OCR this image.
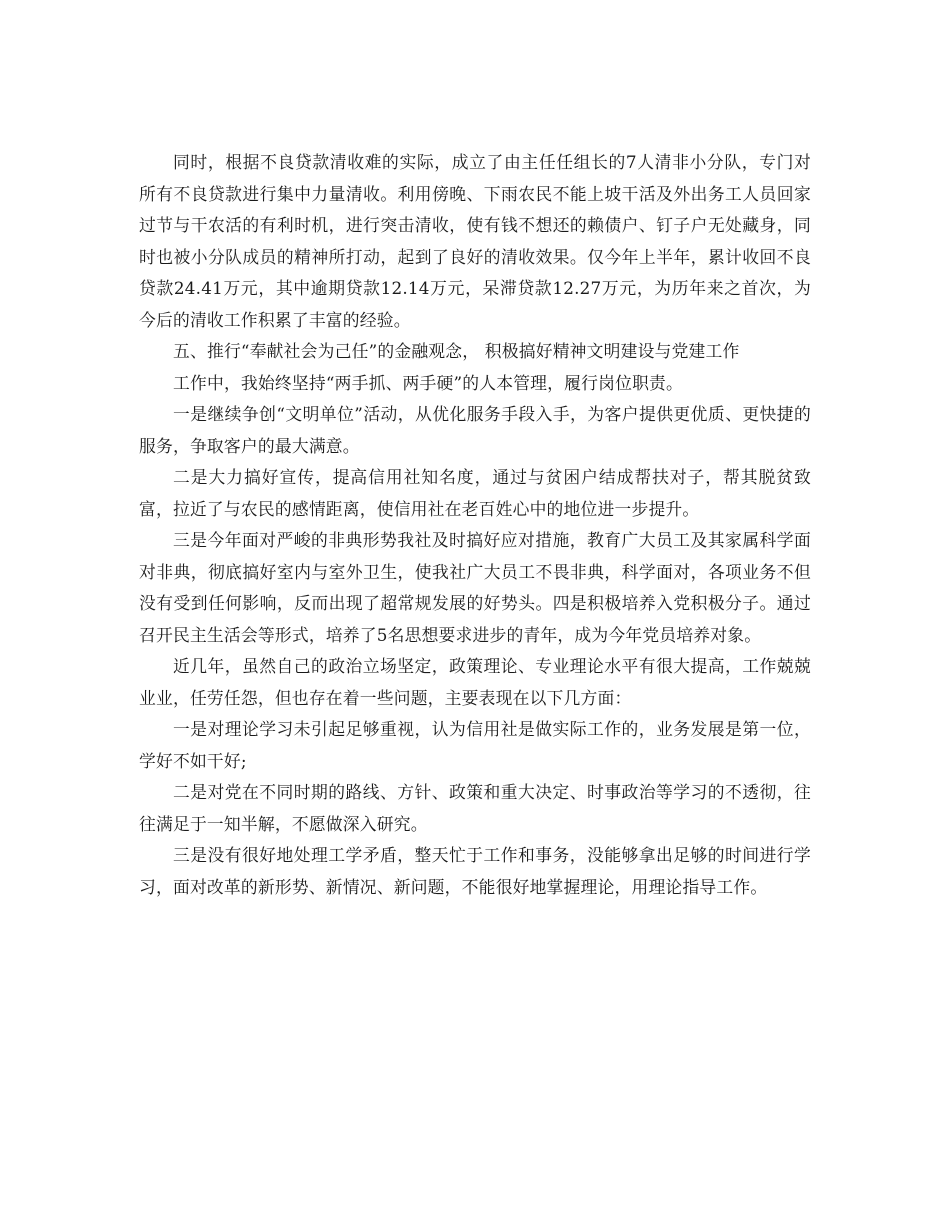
同时，根据不良贷款清收难的实际，成立了由主任任组长的7人清非小分队，专门对所有不良贷款进行集中力量清收。利用傍晚、下雨农民不能上坡干活及外出务工人员回家过节与干农活的有利时机，进行突击清收，使有钱不想还的赖债户、钉子户无处藏身，同时也被小分队成员的精神所打动，起到了良好的清收效果。仅今年上半年，累计收回不良贷款24.41万元，其中逾期贷款12.14万元，呆滞贷款12.27万元，为历年来之首次，为今后的清收工作积累了丰富的经验。

五、推行“奉献社会为己任”的金融观念， 积极搞好精神文明建设与党建工作

工作中，我始终坚持“两手抓、两手硬”的人本管理，履行岗位职责。

一是继续争创“文明单位”活动，从优化服务手段入手，为客户提供更优质、更快捷的服务，争取客户的最大满意。

二是大力搞好宣传，提高信用社知名度，通过与贫困户结成帮扶对子，帮其脱贫致富，拉近了与农民的感情距离，使信用社在老百姓心中的地位进一步提升。

三是今年面对严峻的非典形势我社及时搞好应对措施，教育广大员工及其家属科学面对非典，彻底搞好室内与室外卫生，使我社广大员工不畏非典，科学面对，各项业务不但没有受到任何影响，反而出现了超常规发展的好势头。四是积极培养入党积极分子。通过召开民主生活会等形式，培养了5名思想要求进步的青年，成为今年党员培养对象。

近几年，虽然自己的政治立场坚定，政策理论、专业理论水平有很大提高，工作兢兢业业，任劳任怨，但也存在着一些问题，主要表现在以下几方面：

一是对理论学习未引起足够重视，认为信用社是做实际工作的，业务发展是第一位，学好不如干好;

二是对党在不同时期的路线、方针、政策和重大决定、时事政治等学习的不透彻，往往满足于一知半解，不愿做深入研究。

三是没有很好地处理工学矛盾，整天忙于工作和事务，没能够拿出足够的时间进行学习，面对改革的新形势、新情况、新问题，不能很好地掌握理论，用理论指导工作。
